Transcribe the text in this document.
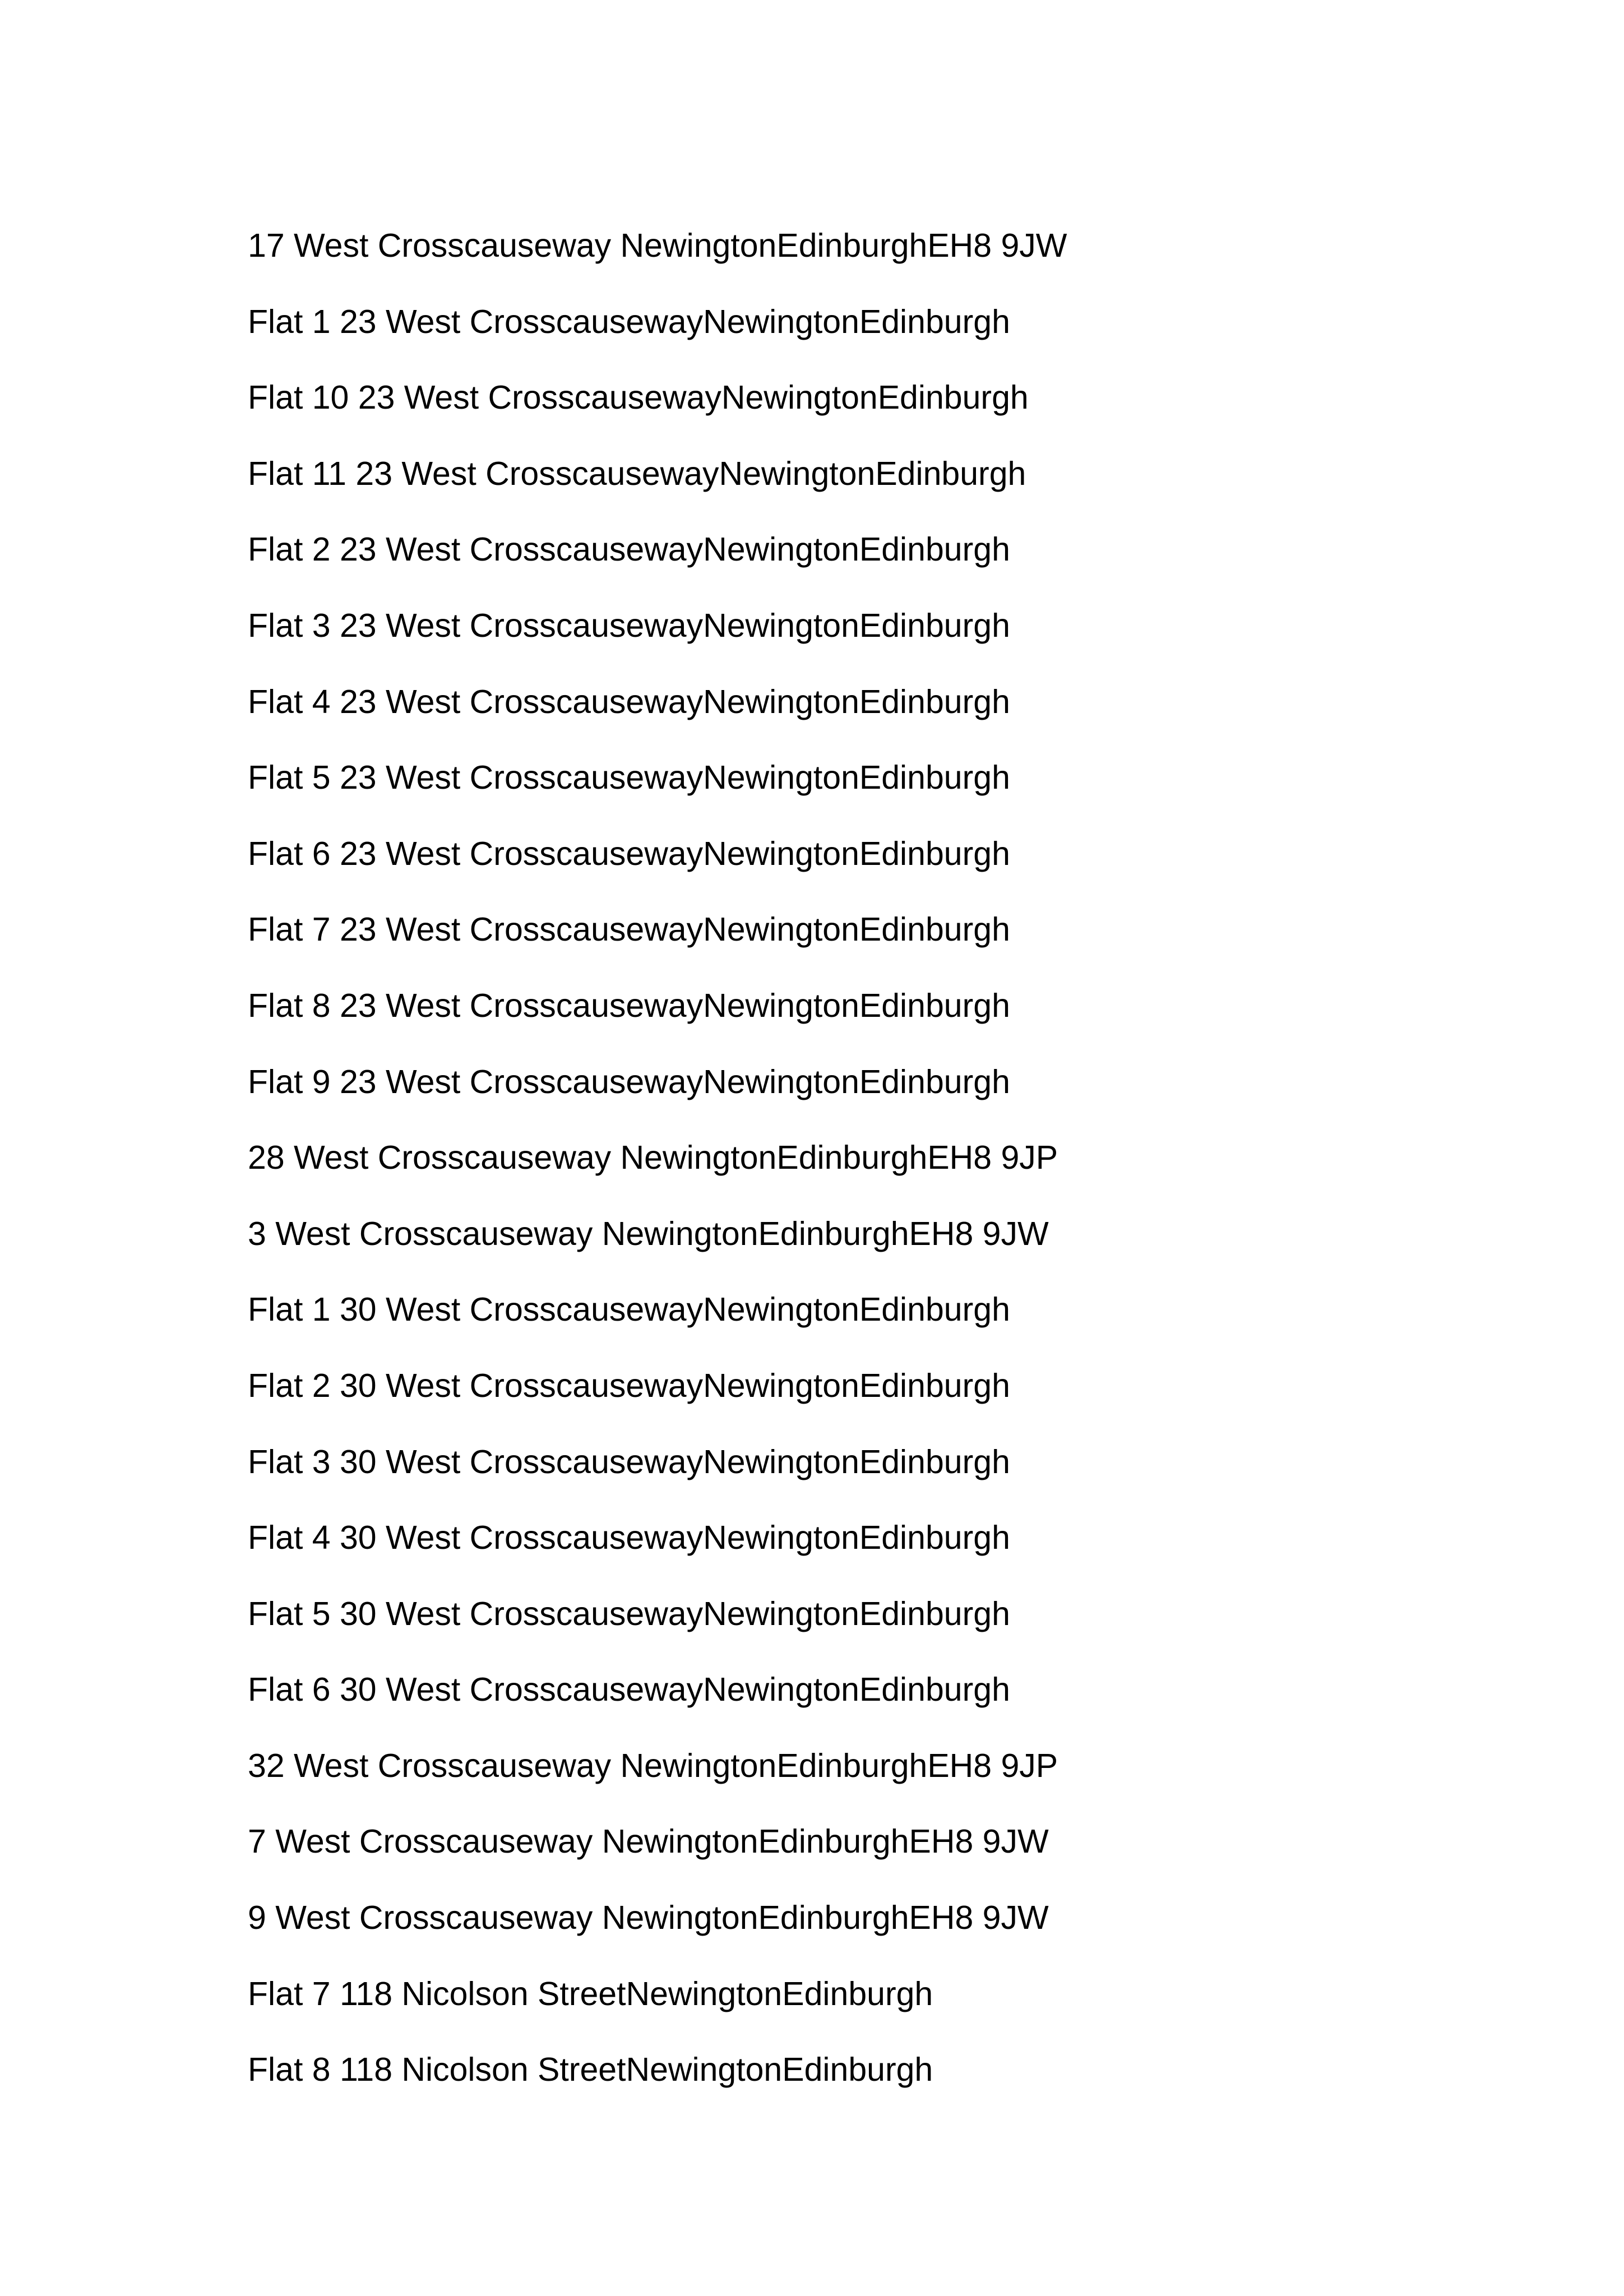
17 West Crosscauseway NewingtonEdinburghEH8 9JW
Flat 1 23 West CrosscausewayNewingtonEdinburgh
Flat 10 23 West CrosscausewayNewingtonEdinburgh
Flat 11 23 West CrosscausewayNewingtonEdinburgh
Flat 2 23 West CrosscausewayNewingtonEdinburgh
Flat 3 23 West CrosscausewayNewingtonEdinburgh
Flat 4 23 West CrosscausewayNewingtonEdinburgh
Flat 5 23 West CrosscausewayNewingtonEdinburgh
Flat 6 23 West CrosscausewayNewingtonEdinburgh
Flat 7 23 West CrosscausewayNewingtonEdinburgh
Flat 8 23 West CrosscausewayNewingtonEdinburgh
Flat 9 23 West CrosscausewayNewingtonEdinburgh
28 West Crosscauseway NewingtonEdinburghEH8 9JP
3 West Crosscauseway NewingtonEdinburghEH8 9JW
Flat 1 30 West CrosscausewayNewingtonEdinburgh
Flat 2 30 West CrosscausewayNewingtonEdinburgh
Flat 3 30 West CrosscausewayNewingtonEdinburgh
Flat 4 30 West CrosscausewayNewingtonEdinburgh
Flat 5 30 West CrosscausewayNewingtonEdinburgh
Flat 6 30 West CrosscausewayNewingtonEdinburgh
32 West Crosscauseway NewingtonEdinburghEH8 9JP
7 West Crosscauseway NewingtonEdinburghEH8 9JW
9 West Crosscauseway NewingtonEdinburghEH8 9JW
Flat 7 118 Nicolson StreetNewingtonEdinburgh
Flat 8 118 Nicolson StreetNewingtonEdinburgh
